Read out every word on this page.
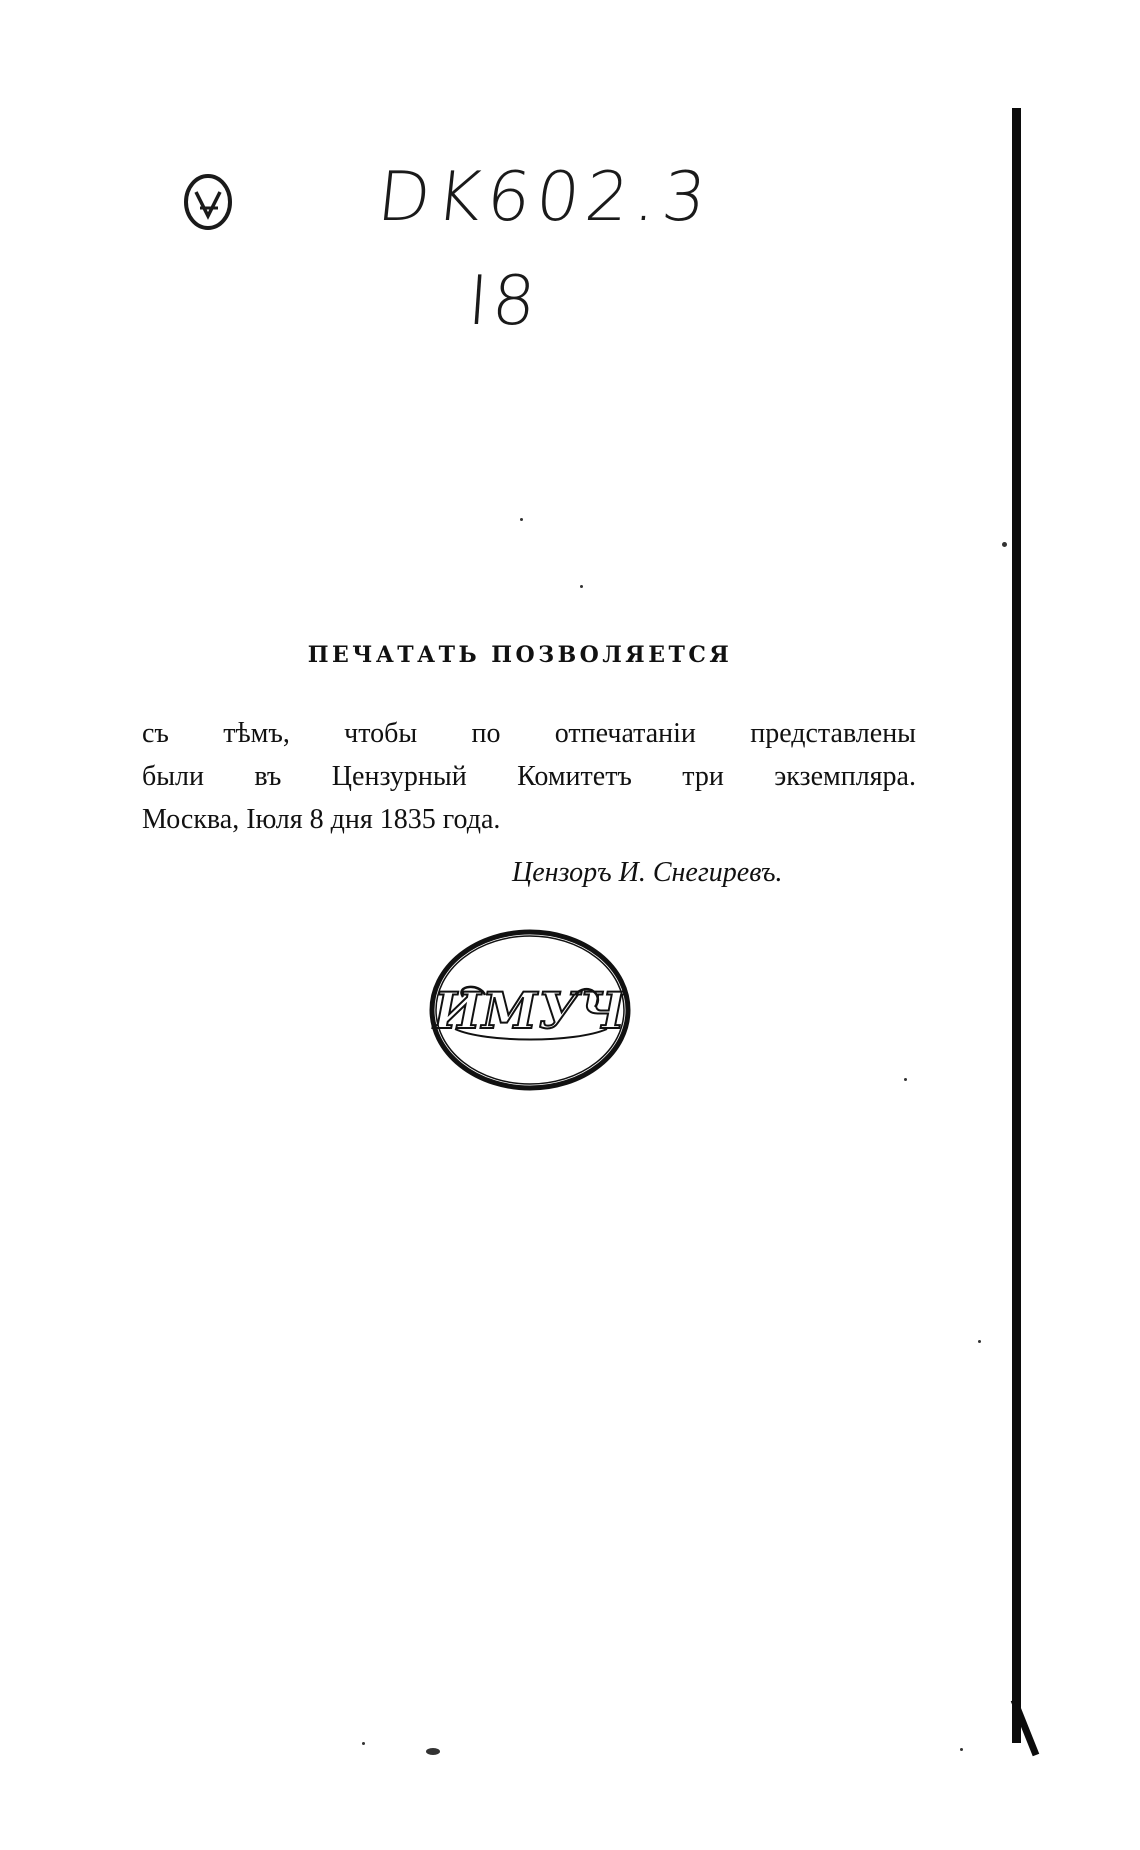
DK602.3
I8
ПЕЧАТАТЬ ПОЗВОЛЯЕТСЯ
съ тѣмъ, чтобы по отпечатаніи представлены
были въ Цензурный Комитетъ три экземпляра.
Москва, Іюля 8 дня 1835 года.
Цензоръ И. Снегиревъ.
ИМУЧ
